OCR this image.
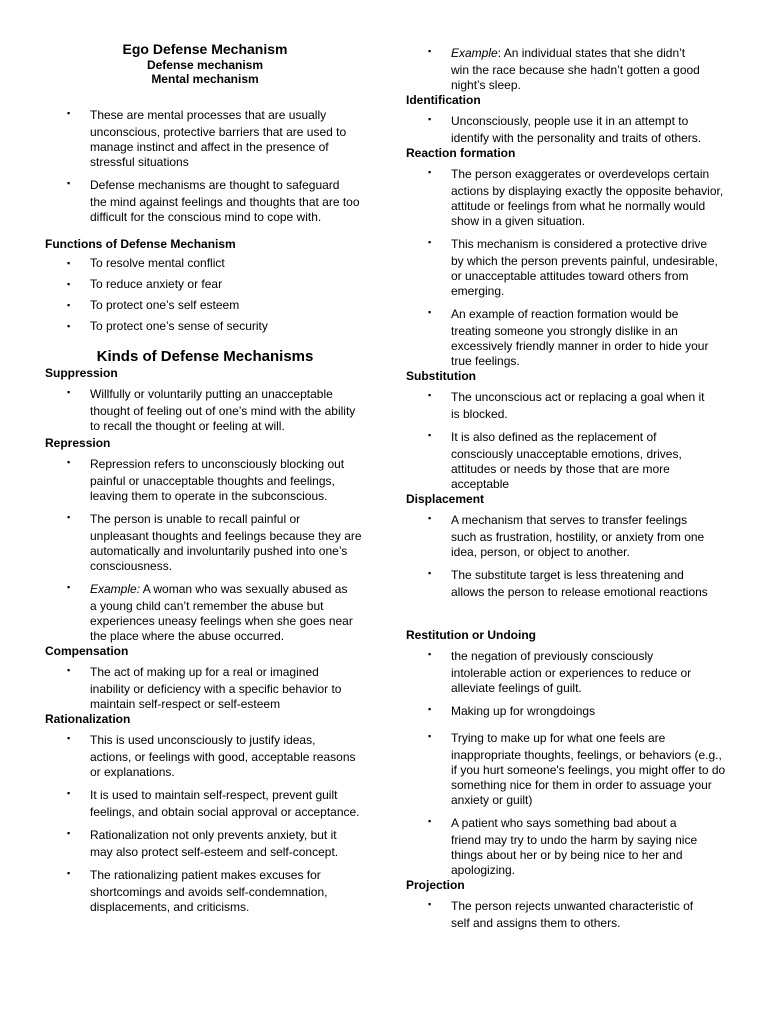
Ego Defense Mechanism
Defense mechanism
Mental mechanism
▪ These are mental processes that are usually
unconscious, protective barriers that are used to manage instinct and affect in the presence of stressful situations
▪ Defense mechanisms are thought to safeguard
the mind against feelings and thoughts that are too difficult for the conscious mind to cope with.
Functions of Defense Mechanism
▪ To resolve mental conflict
▪ To reduce anxiety or fear
▪ To protect one’s self esteem
▪ To protect one’s sense of security
Kinds of Defense Mechanisms
Suppression
▪ Willfully or voluntarily putting an unacceptable
thought of feeling out of one’s mind with the ability to recall the thought or feeling at will.
Repression
▪ Repression refers to unconsciously blocking out
painful or unacceptable thoughts and feelings, leaving them to operate in the subconscious.
▪ The person is unable to recall painful or
unpleasant thoughts and feelings because they are automatically and involuntarily pushed into one’s consciousness.
▪ Example: A woman who was sexually abused as
a young child can’t remember the abuse but experiences uneasy feelings when she goes near the place where the abuse occurred.
Compensation
▪ The act of making up for a real or imagined
inability or deficiency with a specific behavior to maintain self-respect or self-esteem
Rationalization
▪ This is used unconsciously to justify ideas,
actions, or feelings with good, acceptable reasons or explanations.
▪ It is used to maintain self-respect, prevent guilt
feelings, and obtain social approval or acceptance.
▪ Rationalization not only prevents anxiety, but it
may also protect self-esteem and self-concept.
▪ The rationalizing patient makes excuses for
shortcomings and avoids self-condemnation, displacements, and criticisms.
▪ Example: An individual states that she didn’t
win the race because she hadn’t gotten a good night’s sleep.
Identification
▪ Unconsciously, people use it in an attempt to
identify with the personality and traits of others.
Reaction formation
▪ The person exaggerates or overdevelops certain
actions by displaying exactly the opposite behavior, attitude or feelings from what he normally would show in a given situation.
▪ This mechanism is considered a protective drive
by which the person prevents painful, undesirable, or unacceptable attitudes toward others from emerging.
▪ An example of reaction formation would be
treating someone you strongly dislike in an excessively friendly manner in order to hide your true feelings.
Substitution
▪ The unconscious act or replacing a goal when it
is blocked.
▪ It is also defined as the replacement of
consciously unacceptable emotions, drives, attitudes or needs by those that are more acceptable
Displacement
▪ A mechanism that serves to transfer feelings
such as frustration, hostility, or anxiety from one idea, person, or object to another.
▪ The substitute target is less threatening and
allows the person to release emotional reactions
Restitution or Undoing
▪ the negation of previously consciously
intolerable action or experiences to reduce or alleviate feelings of guilt.
▪ Making up for wrongdoings
▪ Trying to make up for what one feels are
inappropriate thoughts, feelings, or behaviors (e.g., if you hurt someone's feelings, you might offer to do something nice for them in order to assuage your anxiety or guilt)
▪ A patient who says something bad about a
friend may try to undo the harm by saying nice things about her or by being nice to her and apologizing.
Projection
▪ The person rejects unwanted characteristic of
self and assigns them to others.
